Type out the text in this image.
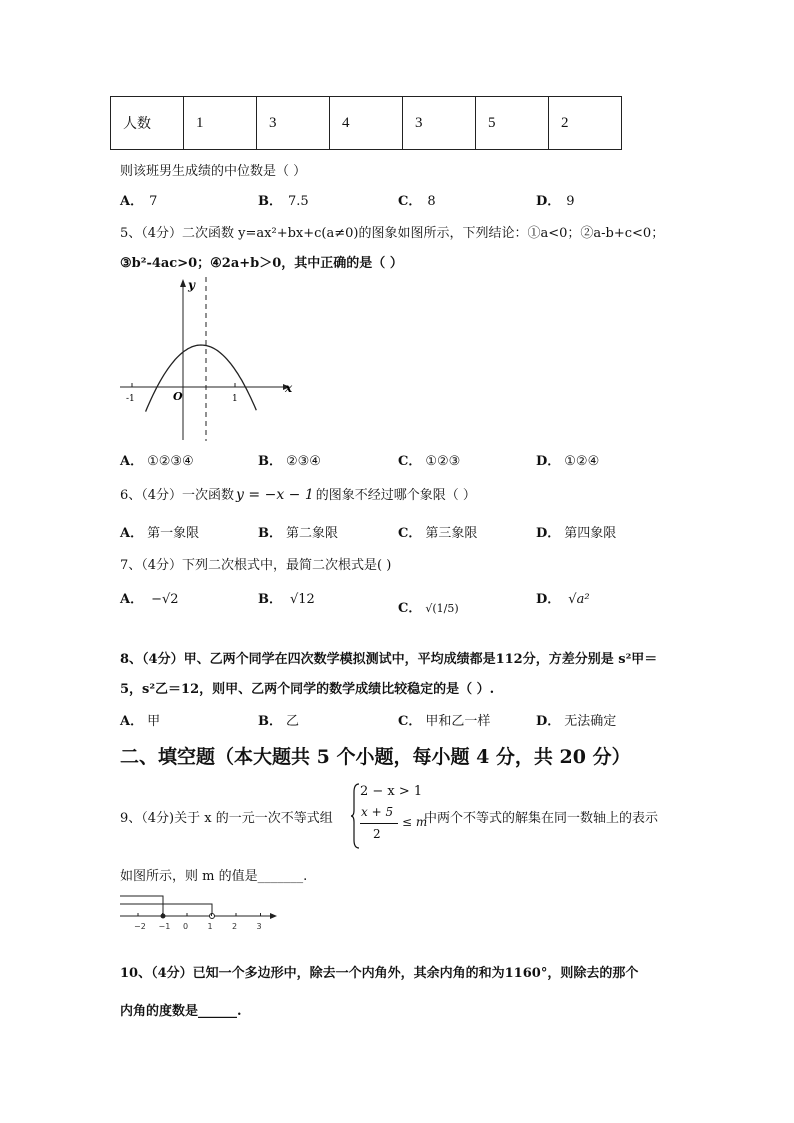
人数	1	3	4	3	5	2
则该班男生成绩的中位数是（ ）
A． 7	B． 7.5	C． 8	D． 9
5、（4分）二次函数 y=ax²+bx+c(a≠0)的图象如图所示，下列结论：①a<0；②a-b+c<0；
③b²-4ac>0；④2a+b＞0，其中正确的是（ ）
y
x
O
-1	1
A． ①②③④	B． ②③④	C． ①②③	D． ①②④
6、（4分）一次函数 y = −x − 1 的图象不经过哪个象限（ ）
A． 第一象限	B． 第二象限	C． 第三象限	D． 第四象限
7、（4分）下列二次根式中，最简二次根式是( )
A． −√2	B． √12
C． √(1/5)
D． √a²
8、（4分）甲、乙两个同学在四次数学模拟测试中，平均成绩都是112分，方差分别是 s²甲＝
5，s²乙＝12，则甲、乙两个同学的数学成绩比较稳定的是（ ）.
A． 甲	B． 乙	C． 甲和乙一样	D． 无法确定
二、填空题（本大题共 5 个小题，每小题 4 分，共 20 分）
9、（4分)关于 x 的一元一次不等式组
2 − x > 1
x + 5
2
≤ m
中两个不等式的解集在同一数轴上的表示
如图所示，则 m 的值是_______.
−2 −1 0 1 2 3
10、（4分）已知一个多边形中，除去一个内角外，其余内角的和为1160°，则除去的那个
内角的度数是______.
